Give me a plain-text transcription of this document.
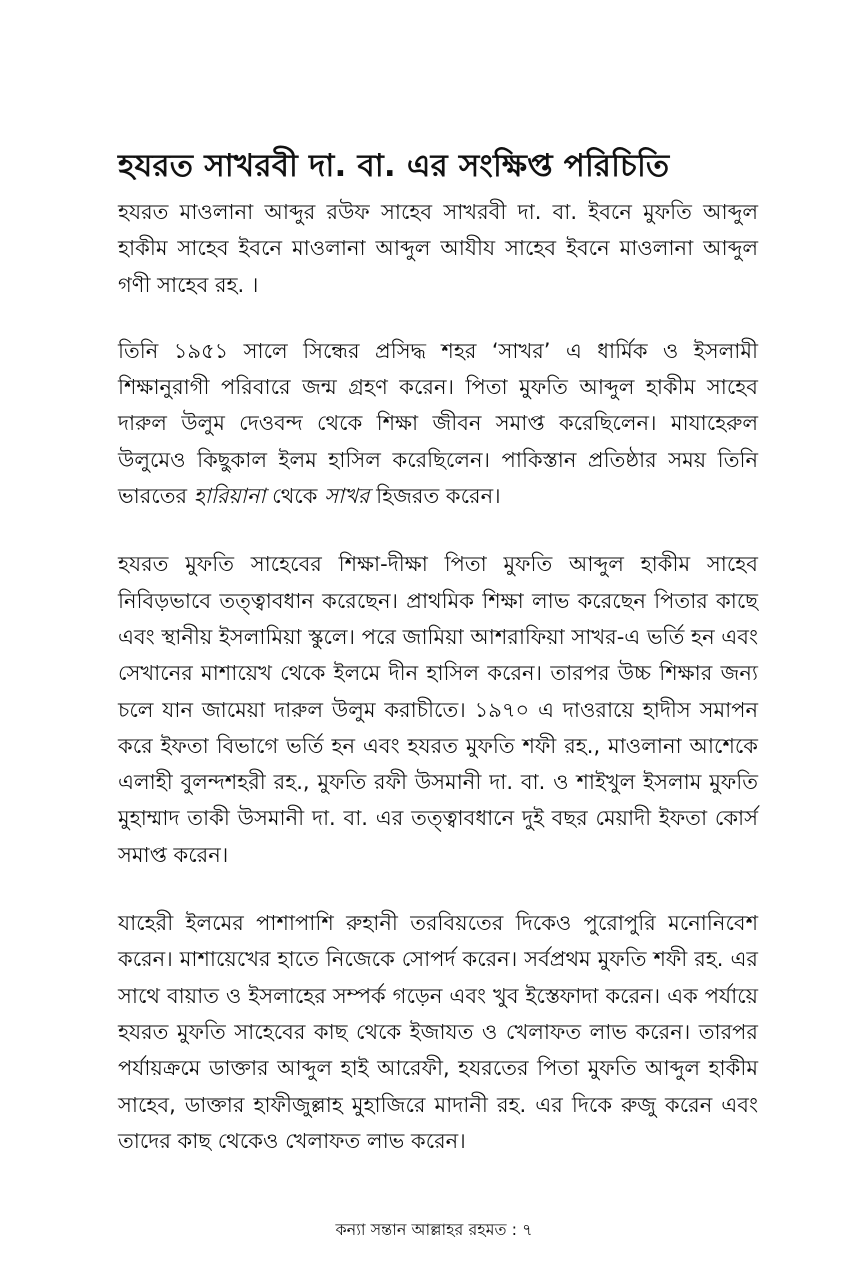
হযরত সাখরবী দা. বা. এর সংক্ষিপ্ত পরিচিতি

হযরত মাওলানা আব্দুর রউফ সাহেব সাখরবী দা. বা. ইবনে মুফতি আব্দুল হাকীম সাহেব ইবনে মাওলানা আব্দুল আযীয সাহেব ইবনে মাওলানা আব্দুল গণী সাহেব রহ. ।

তিনি ১৯৫১ সালে সিন্ধের প্রসিদ্ধ শহর ‘সাখর’ এ ধার্মিক ও ইসলামী শিক্ষানুরাগী পরিবারে জন্ম গ্রহণ করেন। পিতা মুফতি আব্দুল হাকীম সাহেব দারুল উলুম দেওবন্দ থেকে শিক্ষা জীবন সমাপ্ত করেছিলেন। মাযাহেরুল উলুমেও কিছুকাল ইলম হাসিল করেছিলেন। পাকিস্তান প্রতিষ্ঠার সময় তিনি ভারতের হারিয়ানা থেকে সাখর হিজরত করেন।

হযরত মুফতি সাহেবের শিক্ষা-দীক্ষা পিতা মুফতি আব্দুল হাকীম সাহেব নিবিড়ভাবে তত্ত্বাবধান করেছেন। প্রাথমিক শিক্ষা লাভ করেছেন পিতার কাছে এবং স্থানীয় ইসলামিয়া স্কুলে। পরে জামিয়া আশরাফিয়া সাখর-এ ভর্তি হন এবং সেখানের মাশায়েখ থেকে ইলমে দীন হাসিল করেন। তারপর উচ্চ শিক্ষার জন্য চলে যান জামেয়া দারুল উলুম করাচীতে। ১৯৭০ এ দাওরায়ে হাদীস সমাপন করে ইফতা বিভাগে ভর্তি হন এবং হযরত মুফতি শফী রহ., মাওলানা আশেকে এলাহী বুলন্দশহরী রহ., মুফতি রফী উসমানী দা. বা. ও শাইখুল ইসলাম মুফতি মুহাম্মাদ তাকী উসমানী দা. বা. এর তত্ত্বাবধানে দুই বছর মেয়াদী ইফতা কোর্স সমাপ্ত করেন।

যাহেরী ইলমের পাশাপাশি রুহানী তরবিয়তের দিকেও পুরোপুরি মনোনিবেশ করেন। মাশায়েখের হাতে নিজেকে সোপর্দ করেন। সর্বপ্রথম মুফতি শফী রহ. এর সাথে বায়াত ও ইসলাহের সম্পর্ক গড়েন এবং খুব ইস্তেফাদা করেন। এক পর্যায়ে হযরত মুফতি সাহেবের কাছ থেকে ইজাযত ও খেলাফত লাভ করেন। তারপর পর্যায়ক্রমে ডাক্তার আব্দুল হাই আরেফী, হযরতের পিতা মুফতি আব্দুল হাকীম সাহেব, ডাক্তার হাফীজুল্লাহ মুহাজিরে মাদানী রহ. এর দিকে রুজু করেন এবং তাদের কাছ থেকেও খেলাফত লাভ করেন।

কন্যা সন্তান আল্লাহর রহমত : ৭
